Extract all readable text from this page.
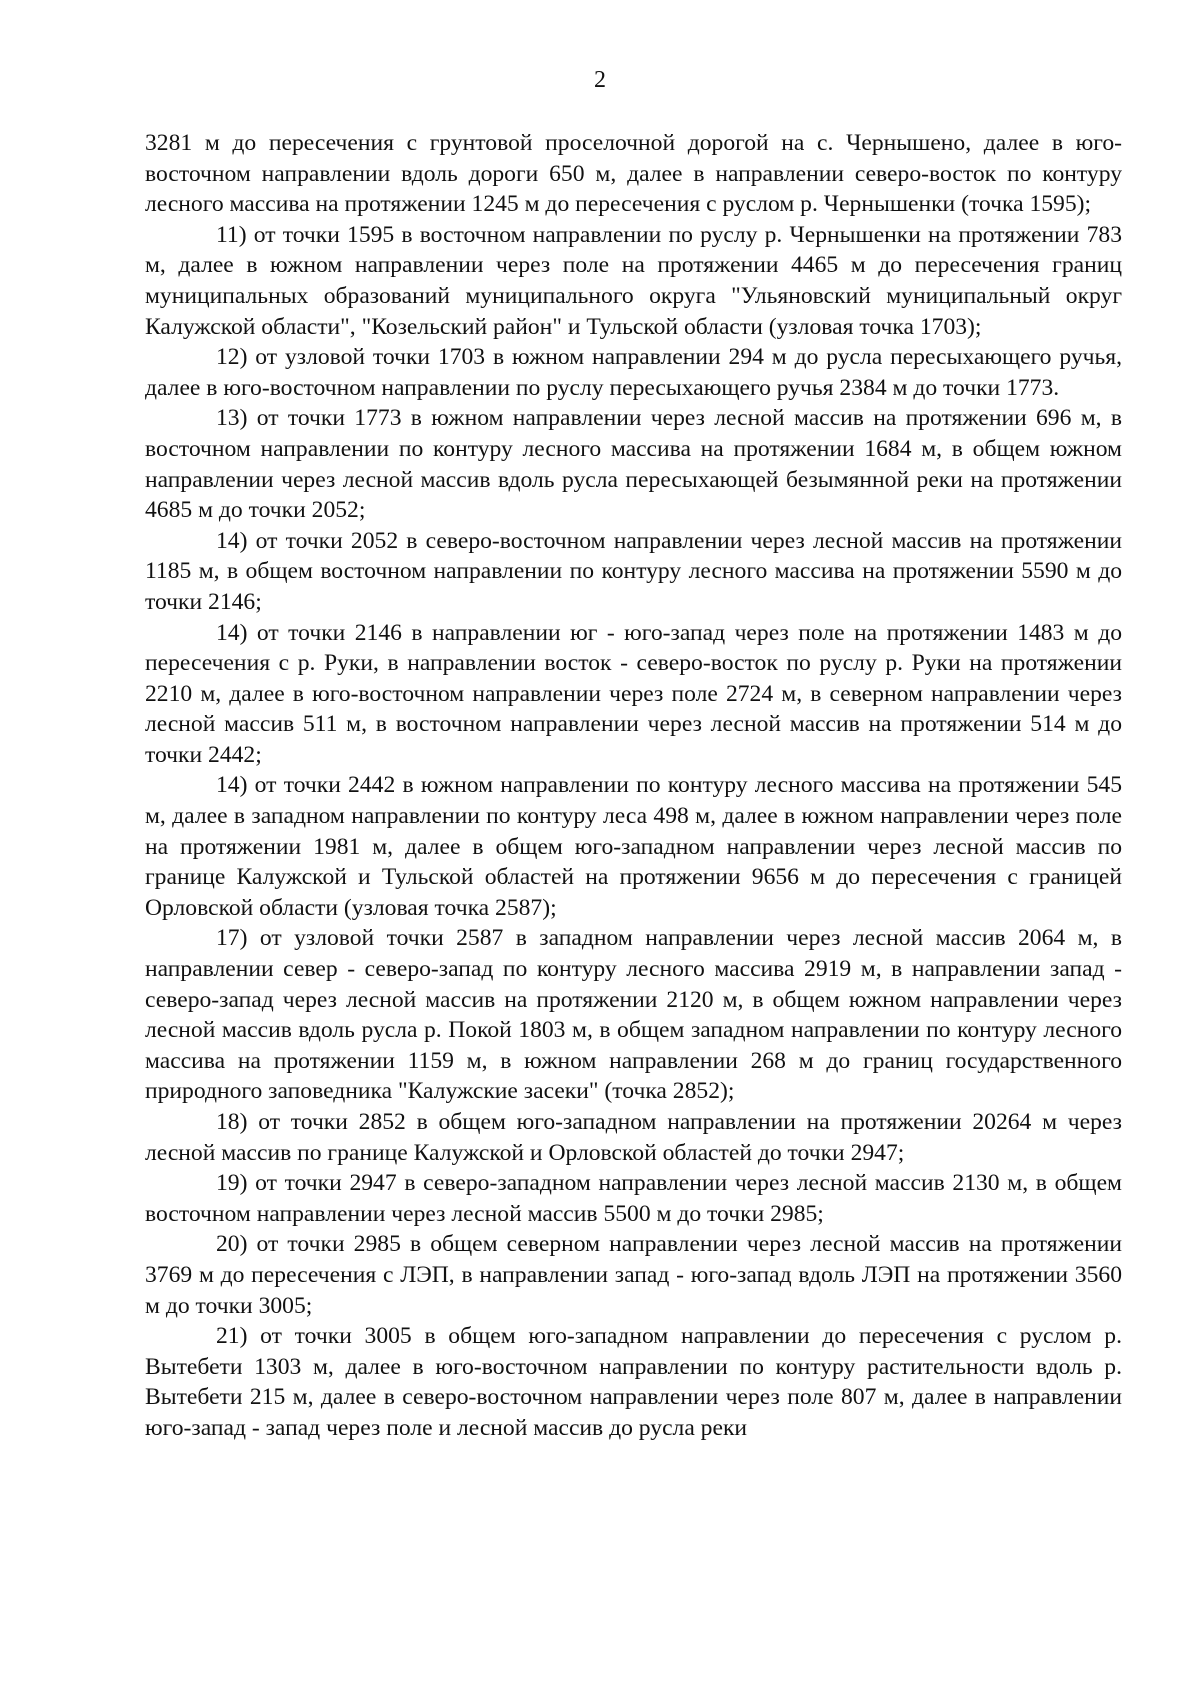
2

3281 м до пересечения с грунтовой проселочной дорогой на с. Чернышено, далее в юго-восточном направлении вдоль дороги 650 м, далее в направлении северо-восток по контуру лесного массива на протяжении 1245 м до пересечения с руслом р. Чернышенки (точка 1595);

11) от точки 1595 в восточном направлении по руслу р. Чернышенки на протяжении 783 м, далее в южном направлении через поле на протяжении 4465 м до пересечения границ муниципальных образований муниципального округа "Ульяновский муниципальный округ Калужской области", "Козельский район" и Тульской области (узловая точка 1703);

12) от узловой точки 1703 в южном направлении 294 м до русла пересыхающего ручья, далее в юго-восточном направлении по руслу пересыхающего ручья 2384 м до точки 1773.

13) от точки 1773 в южном направлении через лесной массив на протяжении 696 м, в восточном направлении по контуру лесного массива на протяжении 1684 м, в общем южном направлении через лесной массив вдоль русла пересыхающей безымянной реки на протяжении 4685 м до точки 2052;

14) от точки 2052 в северо-восточном направлении через лесной массив на протяжении 1185 м, в общем восточном направлении по контуру лесного массива на протяжении 5590 м до точки 2146;

14) от точки 2146 в направлении юг - юго-запад через поле на протяжении 1483 м до пересечения с р. Руки, в направлении восток - северо-восток по руслу р. Руки на протяжении 2210 м, далее в юго-восточном направлении через поле 2724 м, в северном направлении через лесной массив 511 м, в восточном направлении через лесной массив на протяжении 514 м до точки 2442;

14) от точки 2442 в южном направлении по контуру лесного массива на протяжении 545 м, далее в западном направлении по контуру леса 498 м, далее в южном направлении через поле на протяжении 1981 м, далее в общем юго-западном направлении через лесной массив по границе Калужской и Тульской областей на протяжении 9656 м до пересечения с границей Орловской области (узловая точка 2587);

17) от узловой точки 2587 в западном направлении через лесной массив 2064 м, в направлении север - северо-запад по контуру лесного массива 2919 м, в направлении запад - северо-запад через лесной массив на протяжении 2120 м, в общем южном направлении через лесной массив вдоль русла р. Покой 1803 м, в общем западном направлении по контуру лесного массива на протяжении 1159 м, в южном направлении 268 м до границ государственного природного заповедника "Калужские засеки" (точка 2852);

18) от точки 2852 в общем юго-западном направлении на протяжении 20264 м через лесной массив по границе Калужской и Орловской областей до точки 2947;

19) от точки 2947 в северо-западном направлении через лесной массив 2130 м, в общем восточном направлении через лесной массив 5500 м до точки 2985;

20) от точки 2985 в общем северном направлении через лесной массив на протяжении 3769 м до пересечения с ЛЭП, в направлении запад - юго-запад вдоль ЛЭП на протяжении 3560 м до точки 3005;

21) от точки 3005 в общем юго-западном направлении до пересечения с руслом р. Вытебети 1303 м, далее в юго-восточном направлении по контуру растительности вдоль р. Вытебети 215 м, далее в северо-восточном направлении через поле 807 м, далее в направлении юго-запад - запад через поле и лесной массив до русла реки
